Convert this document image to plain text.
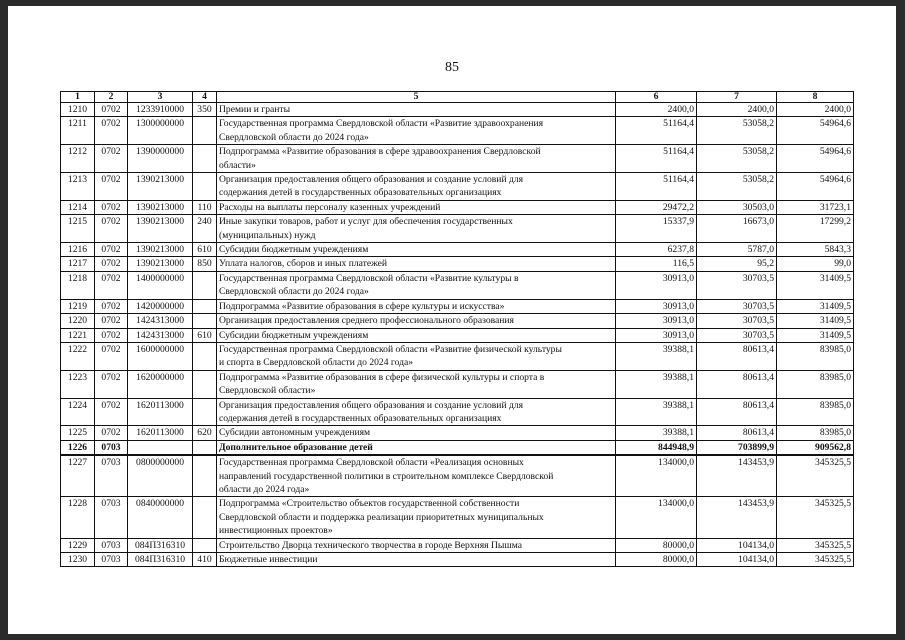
85
1	2	3	4	5	6	7	8
1210	0702	1233910000	350	Премии и гранты	2400,0	2400,0	2400,0
1211	0702	1300000000		Государственная программа Свердловской области «Развитие здравоохранения
Свердловской области до 2024 года»	51164,4	53058,2	54964,6
1212	0702	1390000000		Подпрограмма «Развитие образования в сфере здравоохранения Свердловской
области»	51164,4	53058,2	54964,6
1213	0702	1390213000		Организация предоставления общего образования и создание условий для
содержания детей в государственных образовательных организациях	51164,4	53058,2	54964,6
1214	0702	1390213000	110	Расходы на выплаты персоналу казенных учреждений	29472,2	30503,0	31723,1
1215	0702	1390213000	240	Иные закупки товаров, работ и услуг для обеспечения государственных
(муниципальных) нужд	15337,9	16673,0	17299,2
1216	0702	1390213000	610	Субсидии бюджетным учреждениям	6237,8	5787,0	5843,3
1217	0702	1390213000	850	Уплата налогов, сборов и иных платежей	116,5	95,2	99,0
1218	0702	1400000000		Государственная программа Свердловской области «Развитие культуры в
Свердловской области до 2024 года»	30913,0	30703,5	31409,5
1219	0702	1420000000		Подпрограмма «Развитие образования в сфере культуры и искусства»	30913,0	30703,5	31409,5
1220	0702	1424313000		Организация предоставления среднего профессионального образования	30913,0	30703,5	31409,5
1221	0702	1424313000	610	Субсидии бюджетным учреждениям	30913,0	30703,5	31409,5
1222	0702	1600000000		Государственная программа Свердловской области «Развитие физической культуры
и спорта в Свердловской области до 2024 года»	39388,1	80613,4	83985,0
1223	0702	1620000000		Подпрограмма «Развитие образования в сфере физической культуры и спорта в
Свердловской области»	39388,1	80613,4	83985,0
1224	0702	1620113000		Организация предоставления общего образования и создание условий для
содержания детей в государственных образовательных организациях	39388,1	80613,4	83985,0
1225	0702	1620113000	620	Субсидии автономным учреждениям	39388,1	80613,4	83985,0
1226	0703			Дополнительное образование детей	844948,9	703899,9	909562,8
1227	0703	0800000000		Государственная программа Свердловской области «Реализация основных
направлений государственной политики в строительном комплексе Свердловской
области до 2024 года»	134000,0	143453,9	345325,5
1228	0703	0840000000		Подпрограмма «Строительство объектов государственной собственности
Свердловской области и поддержка реализации приоритетных муниципальных
инвестиционных проектов»	134000,0	143453,9	345325,5
1229	0703	084П316310		Строительство Дворца технического творчества в городе Верхняя Пышма	80000,0	104134,0	345325,5
1230	0703	084П316310	410	Бюджетные инвестиции	80000,0	104134,0	345325,5
